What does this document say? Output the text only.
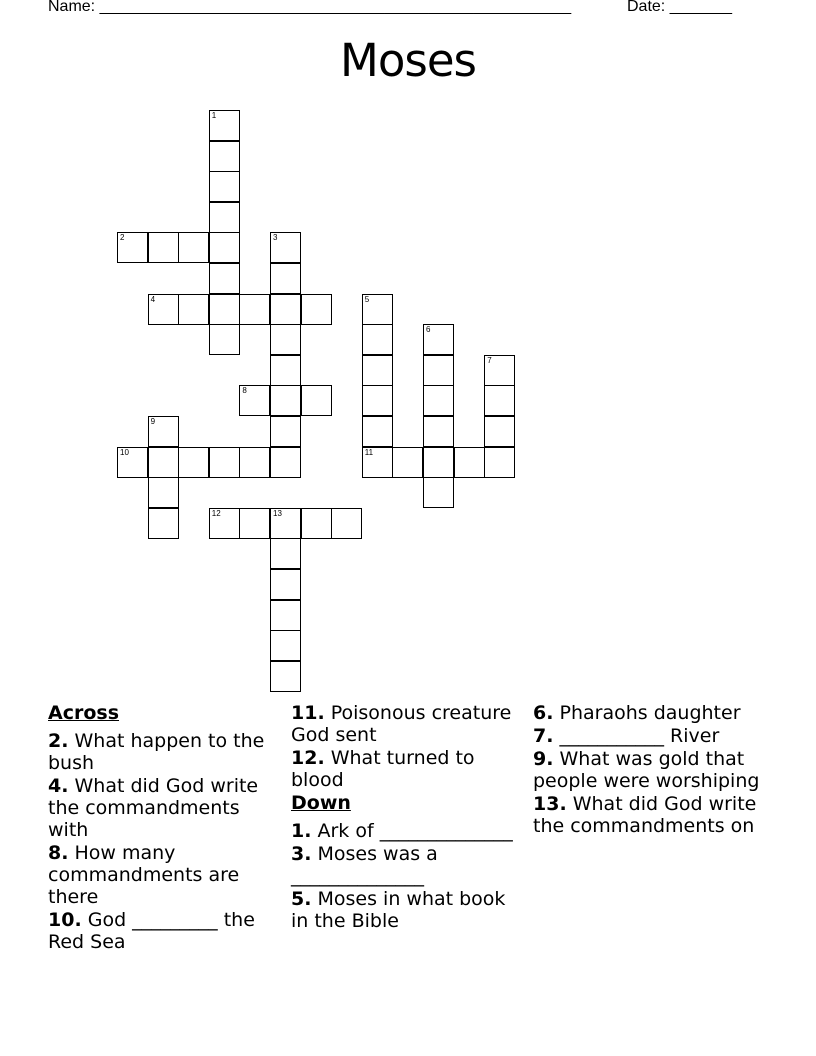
Name: _____________________________________________________	Date: _______
Moses
1
2	3
4	5
11
6
7
8
9
10
12	13
Across
2. What happen to the bush
4. What did God write the commandments with
8. How many commandments are there
10. God _________ the Red Sea
11. Poisonous creature God sent
12. What turned to blood
Down
1. Ark of ______________
3. Moses was a ______________
5. Moses in what book in the Bible
6. Pharaohs daughter
7. ___________ River
9. What was gold that people were worshiping
13. What did God write the commandments on
